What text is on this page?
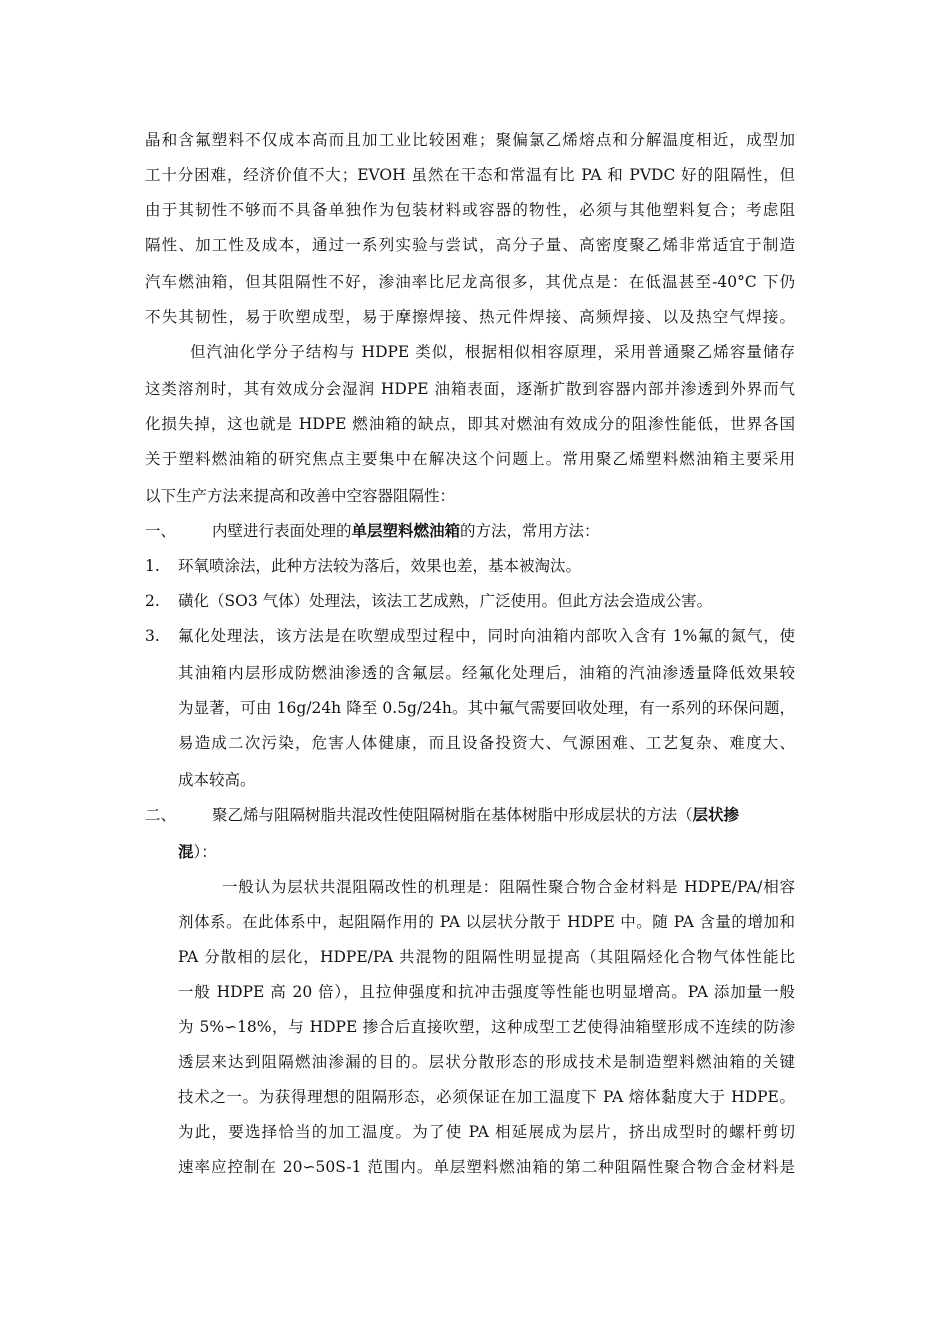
晶和含氟塑料不仅成本高而且加工业比较困难；聚偏氯乙烯熔点和分解温度相近，成型加
工十分困难，经济价值不大；EVOH 虽然在干态和常温有比 PA 和 PVDC 好的阻隔性，但
由于其韧性不够而不具备单独作为包装材料或容器的物性，必须与其他塑料复合；考虑阻
隔性、加工性及成本，通过一系列实验与尝试，高分子量、高密度聚乙烯非常适宜于制造
汽车燃油箱，但其阻隔性不好，渗油率比尼龙高很多，其优点是：在低温甚至-40°C 下仍
不失其韧性，易于吹塑成型，易于摩擦焊接、热元件焊接、高频焊接、以及热空气焊接。
但汽油化学分子结构与 HDPE 类似，根据相似相容原理，采用普通聚乙烯容量储存
这类溶剂时，其有效成分会湿润 HDPE 油箱表面，逐渐扩散到容器内部并渗透到外界而气
化损失掉，这也就是 HDPE 燃油箱的缺点，即其对燃油有效成分的阻渗性能低，世界各国
关于塑料燃油箱的研究焦点主要集中在解决这个问题上。常用聚乙烯塑料燃油箱主要采用
以下生产方法来提高和改善中空容器阻隔性：
一、 内壁进行表面处理的单层塑料燃油箱的方法，常用方法：
1. 环氧喷涂法，此种方法较为落后，效果也差，基本被淘汰。
2. 磺化（SO3 气体）处理法，该法工艺成熟，广泛使用。但此方法会造成公害。
3. 氟化处理法，该方法是在吹塑成型过程中，同时向油箱内部吹入含有 1%氟的氮气，使
其油箱内层形成防燃油渗透的含氟层。经氟化处理后，油箱的汽油渗透量降低效果较
为显著，可由 16g/24h 降至 0.5g/24h。其中氟气需要回收处理，有一系列的环保问题，
易造成二次污染，危害人体健康，而且设备投资大、气源困难、工艺复杂、难度大、
成本较高。
二、 聚乙烯与阻隔树脂共混改性使阻隔树脂在基体树脂中形成层状的方法（层状掺
混）：
一般认为层状共混阻隔改性的机理是：阻隔性聚合物合金材料是 HDPE/PA/相容
剂体系。在此体系中，起阻隔作用的 PA 以层状分散于 HDPE 中。随 PA 含量的增加和
PA 分散相的层化，HDPE/PA 共混物的阻隔性明显提高（其阻隔烃化合物气体性能比
一般 HDPE 高 20 倍），且拉伸强度和抗冲击强度等性能也明显增高。PA 添加量一般
为 5%∽18%，与 HDPE 掺合后直接吹塑，这种成型工艺使得油箱壁形成不连续的防渗
透层来达到阻隔燃油渗漏的目的。层状分散形态的形成技术是制造塑料燃油箱的关键
技术之一。为获得理想的阻隔形态，必须保证在加工温度下 PA 熔体黏度大于 HDPE。
为此，要选择恰当的加工温度。为了使 PA 相延展成为层片，挤出成型时的螺杆剪切
速率应控制在 20∽50S-1 范围内。单层塑料燃油箱的第二种阻隔性聚合物合金材料是
